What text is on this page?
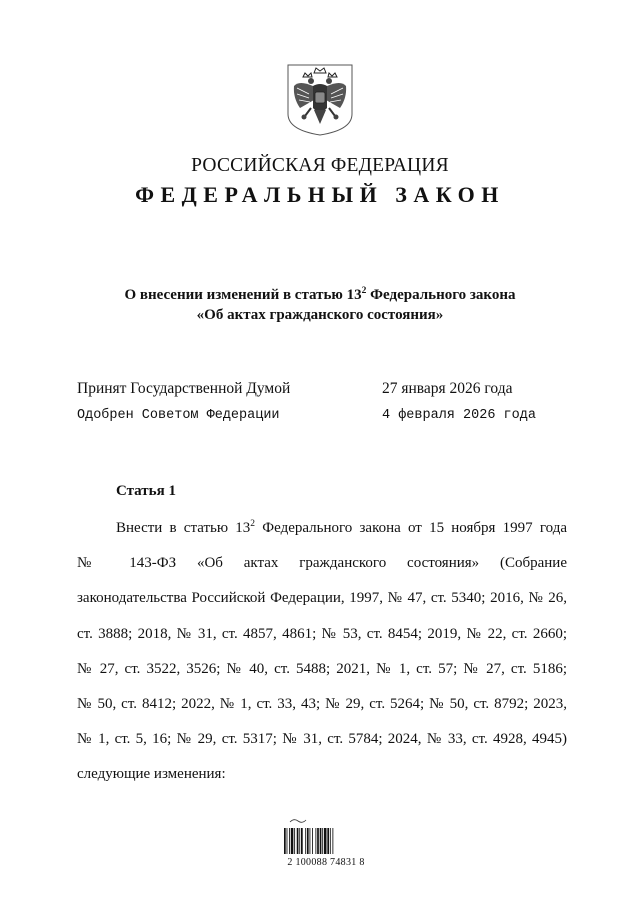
РОССИЙСКАЯ ФЕДЕРАЦИЯ
ФЕДЕРАЛЬНЫЙ ЗАКОН
О внесении изменений в статью $13^2$ Федерального закона
«Об актах гражданского состояния»
Принят Государственной Думой	27 января 2026 года
Одобрен Советом Федерации	4 февраля 2026 года
Статья 1
Внести в статью $13^2$ Федерального закона от 15 ноября 1997 года
№ 143-ФЗ «Об актах гражданского состояния» (Собрание
законодательства Российской Федерации, 1997, № 47, ст. 5340; 2016, № 26,
ст. 3888; 2018, № 31, ст. 4857, 4861; № 53, ст. 8454; 2019, № 22, ст. 2660;
№ 27, ст. 3522, 3526; № 40, ст. 5488; 2021, № 1, ст. 57; № 27, ст. 5186;
№ 50, ст. 8412; 2022, № 1, ст. 33, 43; № 29, ст. 5264; № 50, ст. 8792; 2023,
№ 1, ст. 5, 16; № 29, ст. 5317; № 31, ст. 5784; 2024, № 33, ст. 4928, 4945)
следующие изменения:
2 100088 74831 8
